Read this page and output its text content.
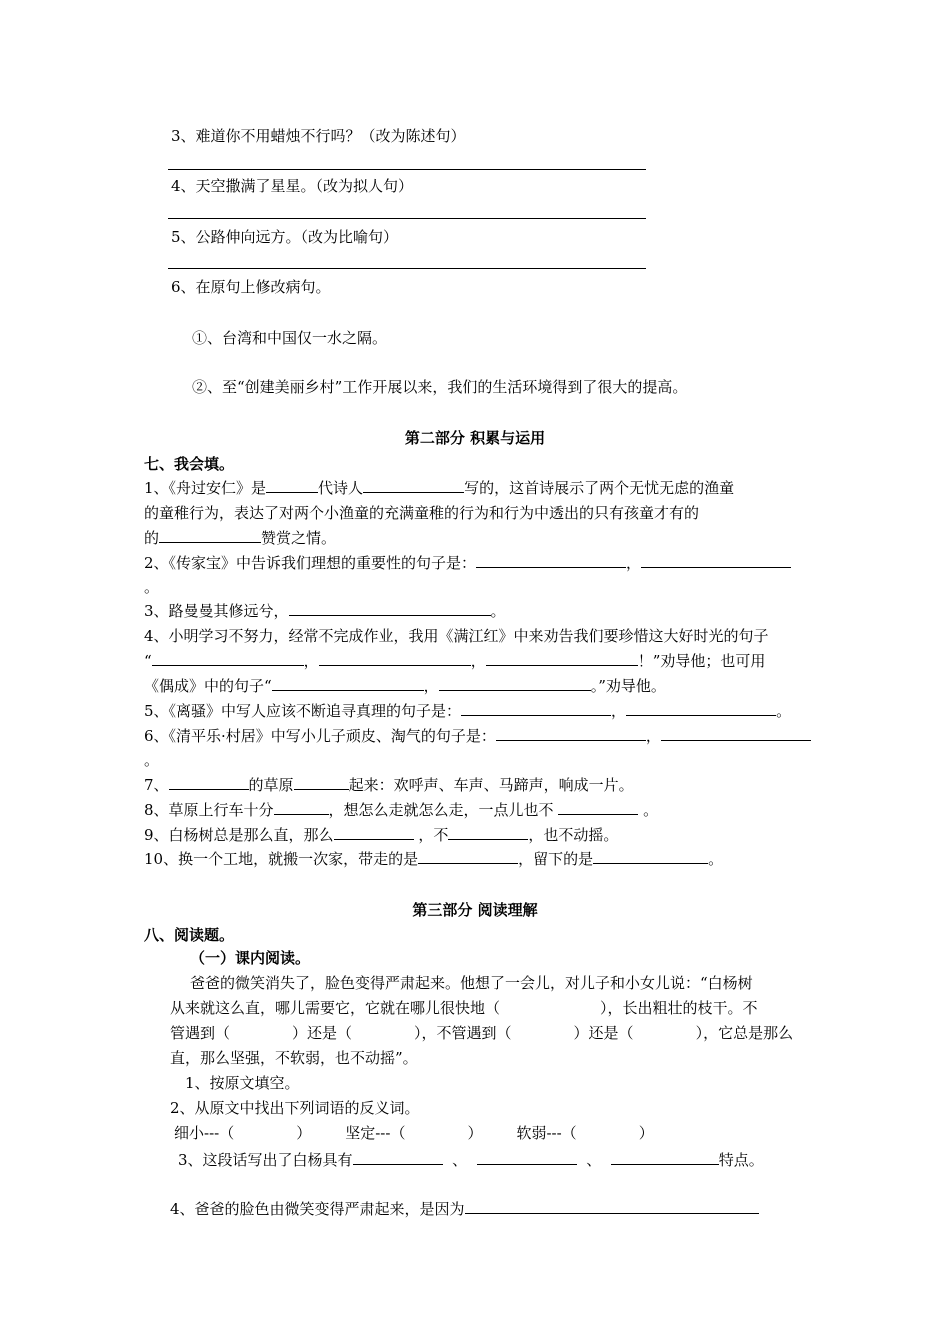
3、难道你不用蜡烛不行吗？（改为陈述句）
4、天空撒满了星星。（改为拟人句）
5、公路伸向远方。（改为比喻句）
6、在原句上修改病句。
①、台湾和中国仅一水之隔。
②、至“创建美丽乡村”工作开展以来，我们的生活环境得到了很大的提高。
第二部分 积累与运用
七、我会填。
1、《舟过安仁》是	代诗人	写的，这首诗展示了两个无忧无虑的渔童
的童稚行为，表达了对两个小渔童的充满童稚的行为和行为中透出的只有孩童才有的
的	赞赏之情。
2、《传家宝》中告诉我们理想的重要性的句子是：	，
。
3、路曼曼其修远兮，	。
4、小明学习不努力，经常不完成作业，我用《满江红》中来劝告我们要珍惜这大好时光的句子
“	，	，	！”劝导他；也可用
《偶成》中的句子“	，	。”劝导他。
5、《离骚》中写人应该不断追寻真理的句子是：	，	。
6、《清平乐·村居》中写小儿子顽皮、淘气的句子是：	，
。
7、	的草原	起来：欢呼声、车声、马蹄声，响成一片。
8、草原上行车十分	，想怎么走就怎么走，一点儿也不	。
9、白杨树总是那么直，那么	，不	，也不动摇。
10、换一个工地，就搬一次家，带走的是	，留下的是	。
第三部分 阅读理解
八、阅读题。
（一）课内阅读。
爸爸的微笑消失了，脸色变得严肃起来。他想了一会儿，对儿子和小女儿说：“白杨树
从来就这么直，哪儿需要它，它就在哪儿很快地（	），长出粗壮的枝干。不
管遇到（	）还是（	），不管遇到（	）还是（	），它总是那么
直，那么坚强，不软弱，也不动摇”。
1、按原文填空。
2、从原文中找出下列词语的反义词。
细小---（	） 坚定---（	） 软弱---（	）
3、这段话写出了白杨具有	、	、	特点。
4、爸爸的脸色由微笑变得严肃起来，是因为
